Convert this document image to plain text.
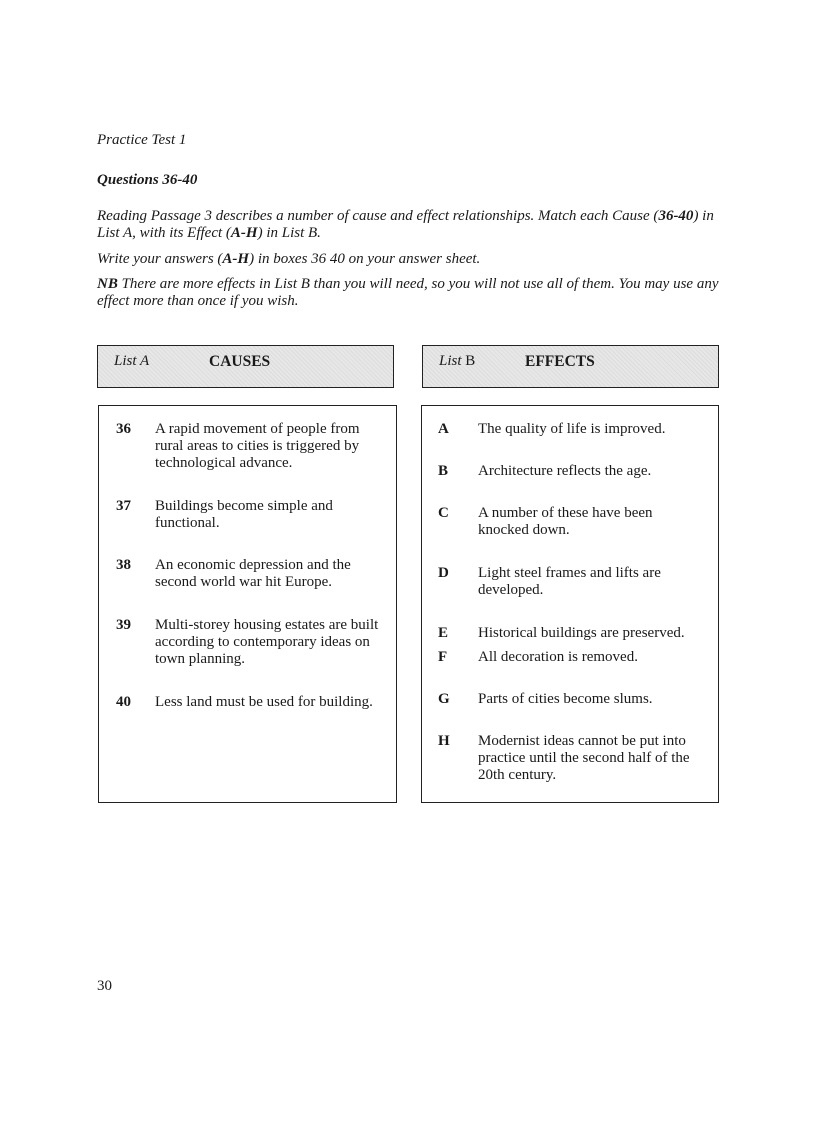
Practice Test 1
Questions 36-40
Reading Passage 3 describes a number of cause and effect relationships. Match each Cause (36-40) in List A, with its Effect (A-H) in List B.
Write your answers (A-H) in boxes 36 40 on your answer sheet.
NB There are more effects in List B than you will need, so you will not use all of them. You may use any effect more than once if you wish.
List A	CAUSES	List B	EFFECTS
36 A rapid movement of people from rural areas to cities is triggered by technological advance.
37 Buildings become simple and functional.
38 An economic depression and the second world war hit Europe.
39 Multi-storey housing estates are built according to contemporary ideas on town planning.
40 Less land must be used for building.
A The quality of life is improved.
B Architecture reflects the age.
C A number of these have been knocked down.
D Light steel frames and lifts are developed.
E Historical buildings are preserved.
F All decoration is removed.
G Parts of cities become slums.
H Modernist ideas cannot be put into practice until the second half of the 20th century.
30
